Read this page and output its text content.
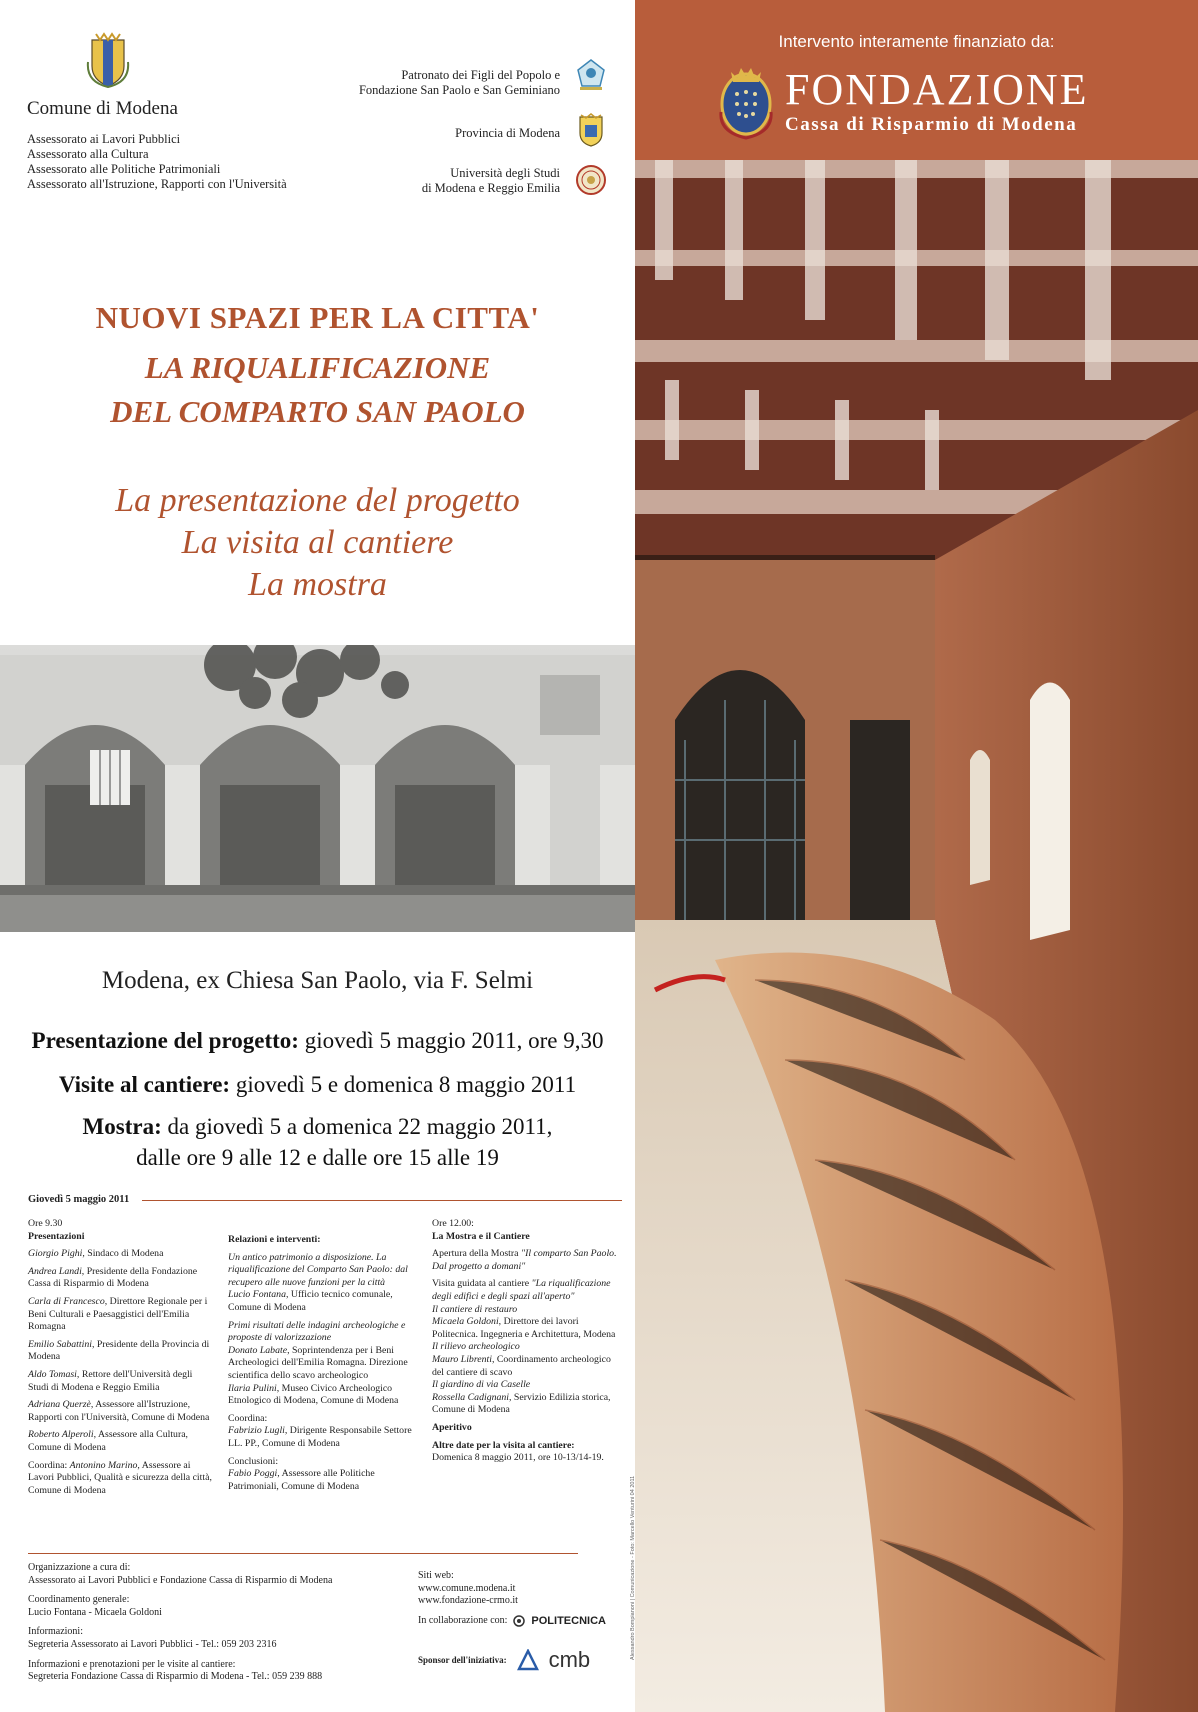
Comune di Modena
Assessorato ai Lavori Pubblici
Assessorato alla Cultura
Assessorato alle Politiche Patrimoniali
Assessorato all'Istruzione, Rapporti con l'Università
Patronato dei Figli del Popolo e
Fondazione San Paolo e San Geminiano
Provincia di Modena
Università degli Studi
di Modena e Reggio Emilia
NUOVI SPAZI PER LA CITTA'
LA RIQUALIFICAZIONE
DEL COMPARTO SAN PAOLO
La presentazione del progetto
La visita al cantiere
La mostra
Modena, ex Chiesa San Paolo, via F. Selmi
Presentazione del progetto: giovedì 5 maggio 2011, ore 9,30
Visite al cantiere: giovedì 5 e domenica 8 maggio 2011
Mostra: da giovedì 5 a domenica 22 maggio 2011,
dalle ore 9 alle 12 e dalle ore 15 alle 19
Giovedì 5 maggio 2011
Ore 9.30

Presentazioni

Giorgio Pighi, Sindaco di Modena

Andrea Landi, Presidente della Fondazione Cassa di Risparmio di Modena

Carla di Francesco, Direttore Regionale per i Beni Culturali e Paesaggistici dell'Emilia Romagna

Emilio Sabattini, Presidente della Provincia di Modena

Aldo Tomasi, Rettore dell'Università degli Studi di Modena e Reggio Emilia

Adriana Querzè, Assessore all'Istruzione, Rapporti con l'Università, Comune di Modena

Roberto Alperoli, Assessore alla Cultura, Comune di Modena

Coordina: Antonino Marino, Assessore ai Lavori Pubblici, Qualità e sicurezza della città, Comune di Modena

Relazioni e interventi:

Un antico patrimonio a disposizione. La riqualificazione del Comparto San Paolo: dal recupero alle nuove funzioni per la città
Lucio Fontana, Ufficio tecnico comunale, Comune di Modena

Primi risultati delle indagini archeologiche e proposte di valorizzazione
Donato Labate, Soprintendenza per i Beni Archeologici dell'Emilia Romagna. Direzione scientifica dello scavo archeologico
Ilaria Pulini, Museo Civico Archeologico Etnologico di Modena, Comune di Modena

Coordina:
Fabrizio Lugli, Dirigente Responsabile Settore LL. PP., Comune di Modena

Conclusioni:
Fabio Poggi, Assessore alle Politiche Patrimoniali, Comune di Modena

Ore 12.00:

La Mostra e il Cantiere

Apertura della Mostra "Il comparto San Paolo. Dal progetto a domani"

Visita guidata al cantiere "La riqualificazione degli edifici e degli spazi all'aperto"
Il cantiere di restauro
Micaela Goldoni, Direttore dei lavori Politecnica. Ingegneria e Architettura, Modena
Il rilievo archeologico
Mauro Librenti, Coordinamento archeologico del cantiere di scavo
Il giardino di via Caselle
Rossella Cadignani, Servizio Edilizia storica, Comune di Modena

Aperitivo

Altre date per la visita al cantiere:
Domenica 8 maggio 2011, ore 10-13/14-19.

Organizzazione a cura di:
Assessorato ai Lavori Pubblici e Fondazione Cassa di Risparmio di Modena

Coordinamento generale:
Lucio Fontana - Micaela Goldoni

Informazioni:
Segreteria Assessorato ai Lavori Pubblici - Tel.: 059 203 2316

Informazioni e prenotazioni per le visite al cantiere:
Segreteria Fondazione Cassa di Risparmio di Modena - Tel.: 059 239 888

Siti web:
www.comune.modena.it
www.fondazione-crmo.it

In collaborazione con: POLITECNICA
Sponsor dell'iniziativa: cmb
Intervento interamente finanziato da:
FONDAZIONE
Cassa di Risparmio di Modena
Alessandro Bompianoni | Comunicazione - Foto: Marcello Venturini 04 2011
